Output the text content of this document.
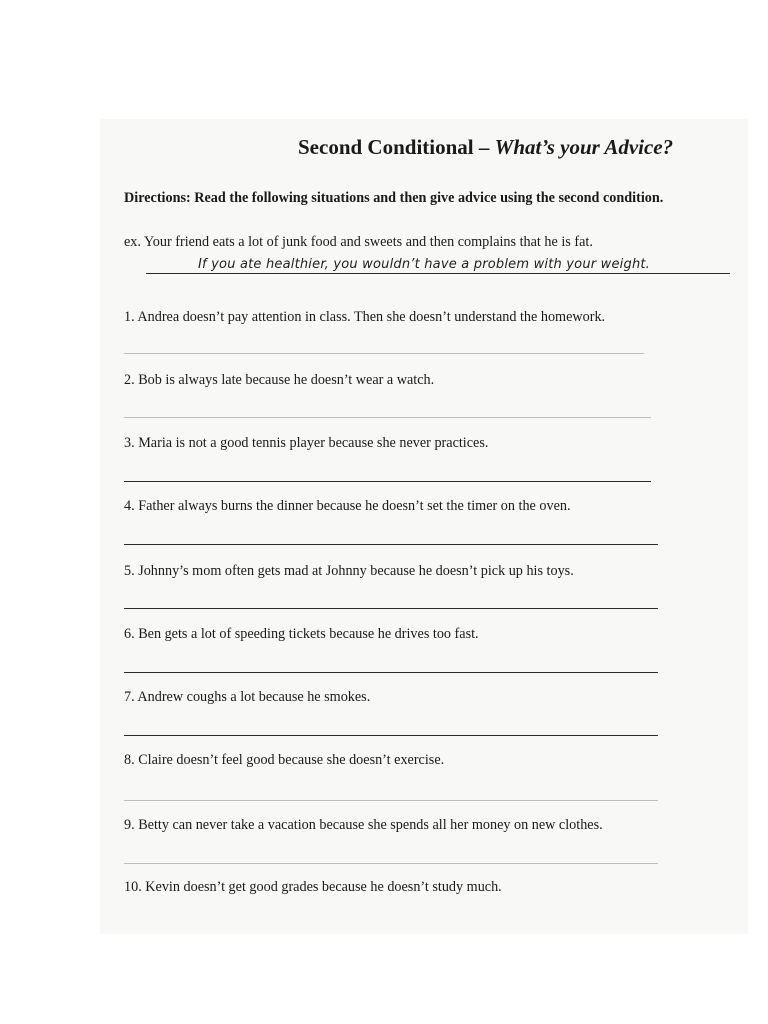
Second Conditional – What’s your Advice?
Directions: Read the following situations and then give advice using the second condition.
ex. Your friend eats a lot of junk food and sweets and then complains that he is fat.
If you ate healthier, you wouldn’t have a problem with your weight.
1. Andrea doesn’t pay attention in class. Then she doesn’t understand the homework.
2. Bob is always late because he doesn’t wear a watch.
3. Maria is not a good tennis player because she never practices.
4. Father always burns the dinner because he doesn’t set the timer on the oven.
5. Johnny’s mom often gets mad at Johnny because he doesn’t pick up his toys.
6. Ben gets a lot of speeding tickets because he drives too fast.
7. Andrew coughs a lot because he smokes.
8. Claire doesn’t feel good because she doesn’t exercise.
9. Betty can never take a vacation because she spends all her money on new clothes.
10. Kevin doesn’t get good grades because he doesn’t study much.
